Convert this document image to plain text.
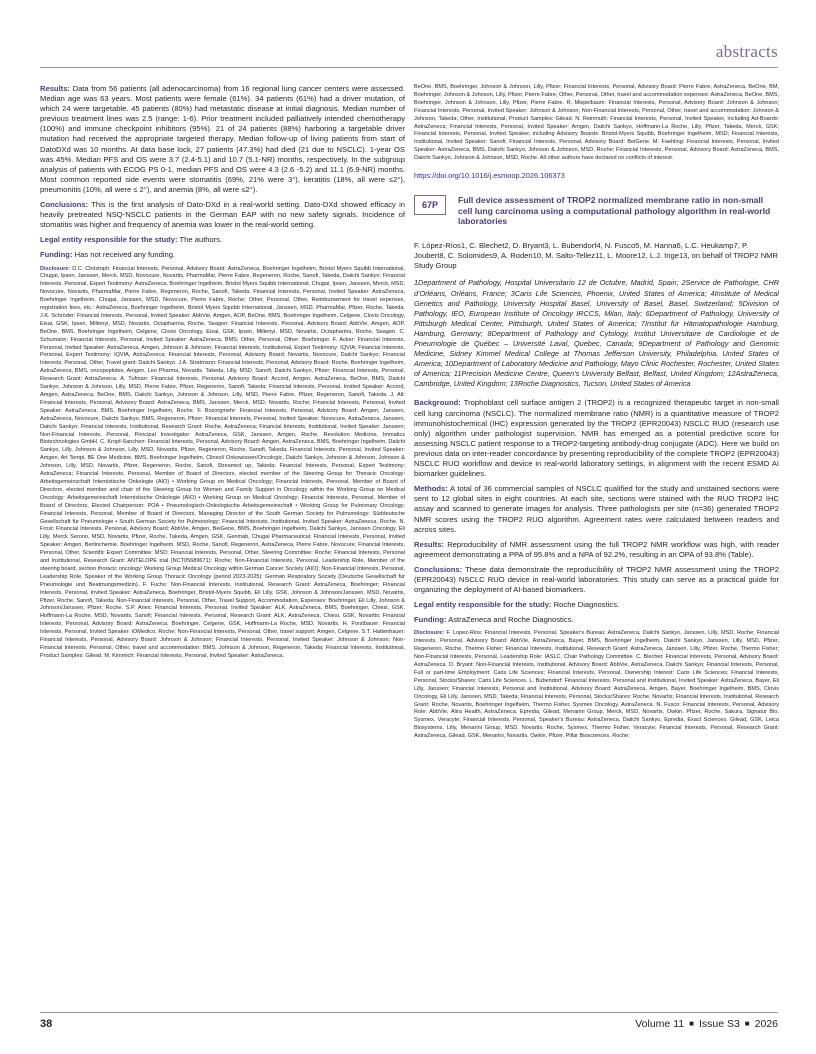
abstracts

Results: Data from 56 patients (all adenocarcinoma) from 16 regional lung cancer centers were assessed. Median age was 63 years. Most patients were female (61%). 34 patients (61%) had a driver mutation, of which 24 were targetable. 45 patients (80%) had metastatic disease at initial diagnosis. Median number of previous treatment lines was 2.5 (range: 1-6). Prior treatment included palliatively intended chemotherapy (100%) and immune checkpoint inhibitors (95%). 21 of 24 patients (88%) harboring a targetable driver mutation had received the appropriate targeted therapy. Median follow-up of living patients from start of DatoDXd was 10 months. At data base lock, 27 patients (47.3%) had died (21 due to NSCLC). 1-year OS was 45%. Median PFS and OS were 3.7 (2.4-5.1) and 10.7 (5.1-NR) months, respectively. In the subgroup analysis of patients with ECOG PS 0-1, median PFS and OS were 4.3 (2.6 -5.2) and 11.1 (6.9-NR) months. Most common reported side events were stomatitis (69%, 21% were 3°), keratitis (18%, all were ≤2°), pneumonitis (10%, all were ≤ 2°), and anemia (8%, all were ≤2°).

Conclusions: This is the first analysis of Dato-DXd in a real-world setting. Dato-DXd showed efficacy in heavily pretreated NSQ-NSCLC patients in the German EAP with no new safety signals. Incidence of stomatitis was higher and frequency of anemia was lower in the real-world setting.

Legal entity responsible for the study: The authors.

Funding: Has not received any funding.

Disclosure: D.C. Christoph: Financial Interests, Personal, Advisory Board: AstraZeneca, Boehringer Ingelheim, Bristol Myers Squibb International, Chugai, Ipsen, Janssen, Merck, MSD, Novocure, Novartis, PharmaMar, Pierre Fabre, Regeneron, Roche, Sanofi, Takeda, Daiichi Sankyo; Financial Interests, Personal, Expert Testimony: AstraZeneca, Boehringer Ingelheim, Bristol Myers Squibb International, Chugai, Ipsen, Janssen, Merck, MSD, Novocure, Novartis, PharmaMar, Pierre Fabre, Regeneron, Roche, Sanofi, Takeda; Financial Interests, Personal, Invited Speaker: AstraZeneca, Boehringer Ingelheim, Chugai, Janssen, MSD, Novocure, Pierre Fabre, Roche; Other, Personal, Other, Reimbursement for travel expenses, registration fees, etc.: AstraZeneca, Boehringer Ingelheim, Bristol Myers Squibb International, Janssen, MSD, PharmaMar, Pfizer, Roche, Takeda. J.K. Schröder: Financial Interests, Personal, Invited Speaker: AbbVie, Amgen, AOP, BeOne, BMS, Boehringer Ingelheim, Celgene, Clovis Oncology, Eisai, GSK, Ipsen, Miltenyi, MSD, Novartis, Octapharma, Roche, Seagen; Financial Interests, Personal, Advisory Board: AbbVie, Amgen, AOP, BeOne, BMS, Boehringer Ingelheim, Celgene, Clovis Oncology, Eisai, GSK, Ipsen, Miltenyi, MSD, Novartis, Octapharma, Roche, Seagen. C. Schumann: Financial Interests, Personal, Invited Speaker: AstraZeneca, BMS; Other, Personal, Other: Boehringer. F. Acker: Financial Interests, Personal, Invited Speaker: AstraZeneca, Amgen, Johnson & Johnson; Financial Interests, Institutional, Expert Testimony: IQVIA; Financial Interests, Personal, Expert Testimony: IQVIA, AstraZeneca; Financial Interests, Personal, Advisory Board: Novartis, Novocure, Daiichi Sankyo; Financial Interests, Personal, Other, Travel grant: Daiichi Sankyo. J.A. Stratmann: Financial Interests, Personal, Advisory Board: Roche, Boehringer Ingelheim, AstraZeneca, BMS, oncopeptides, Amgen, Leo Pharma, Novartis, Takeda, Lilly, MSD, Sanofi, Daiichi Sankyo, Pfizer; Financial Interests, Personal, Research Grant: AstraZeneca. A. Tufman: Financial Interests, Personal, Advisory Board: Accord, Amgen, AstraZeneca, BeOne, BMS, Daiichi Sankyo, Johnson & Johnson, Lilly, MSD, Pierre Fabre, Pfizer, Regeneron, Sanofi, Takeda; Financial Interests, Personal, Invited Speaker: Accord, Amgen, AstraZeneca, BeOne, BMS, Daiichi Sankyo, Johnson & Johnson, Lilly, MSD, Pierre Fabre, Pfizer, Regeneron, Sanofi, Takeda. J. Alt: Financial Interests, Personal, Advisory Board: AstraZeneca, BMS, Janssen, Merck, MSD, Novartis, Roche; Financial Interests, Personal, Invited Speaker: AstraZeneca, BMS, Boehringer Ingelheim, Roche. F. Bozorgmehr: Financial Interests, Personal, Advisory Board: Amgen, Janssen, AstraZeneca, Novocure, Daiichi Sankyo, BMS, Regeneron, Pfizer; Financial Interests, Personal, Invited Speaker: Novocure, AstraZeneca, Janssen, Daiichi Sankyo; Financial Interests, Institutional, Research Grant: Roche, AstraZeneca; Financial Interests, Institutional, Invited Speaker: Janssen; Non-Financial Interests, Personal, Principal Investigator: AstraZeneca, GSK, Janssen, Amgen, Roche, Revolution Medicine, Immatics Biotechnologies GmbH. C. Kropf-Sanchen: Financial Interests, Personal, Advisory Board: Amgen, AstraZeneca, BMS, Boehringer Ingelheim, Daiichi Sankyo, Lilly, Johnson & Johnson, Lilly, MSD, Novartis, Pfizer, Regeneron, Roche, Sanofi, Takeda; Financial Interests, Personal, Invited Speaker: Amgen, Art Tempi, BE One Medicine, BMS, Boehringer Ingelheim, Clinsol/ Onkowissen/Oncologic, Daiichi Sankyo, Johnson & Johnson, Johnson & Johnson, Lilly, MSD, Novartis, Pfizer, Regeneron, Roche, Sanofi, Streamed up, Takeda; Financial Interests, Personal, Expert Testimony: AstraZeneca; Financial Interests, Personal, Member of Board of Directors, elected member of the Steering Group for Thoracic Oncology: Arbeitsgemeinschaft Internistische Onkologie (AIO) • Working Group on Medical Oncology; Financial Interests, Personal, Member of Board of Directors, elected member and chair of the Steering Group for Women and Family Support in Oncology within the Working Group on Medical Oncology: Arbeitsgemeinschaft Internistische Onkologie (AIO) • Working Group on Medical Oncology; Financial Interests, Personal, Member of Board of Directors, Elected Chairperson: POA • Pneumologisch-Onkologische Arbeitsgemeinschaft • Working Group for Pulmonary Oncology; Financial Interests, Personal, Member of Board of Directors, Managing Director of the South German Society for Pulmonology: Süddeutsche Gesellschaft für Pneumologie • South German Society for Pulmonology; Financial Interests, Institutional, Invited Speaker: AstraZeneca, Roche. N. Frost: Financial Interests, Personal, Advisory Board: AbbVie, Amgen, BeiGene, BMS, Boehringer Ingelheim, Daiichi Sankyo, Janssen Oncology, Eli Lilly, Merck Serono, MSD, Novartis, Pfizer, Roche, Takeda, Amgen, GSK, Genmab, Chugai Pharmaceutical; Financial Interests, Personal, Invited Speaker: Amgen, Berlinchemie, Boehringer Ingelheim, MSD, Roche, Sanofi, Regeneron, AstraZeneca, Pierre Fabre, Novocure; Financial Interests, Personal, Other, Scientific Expert Committee: MSD; Financial Interests, Personal, Other, Steering Committee: Roche; Financial Interests, Personal and Institutional, Research Grant: ANTELOPE trial (NCT05689671): Roche; Non-Financial Interests, Personal, Leadership Role, Member of the steering board, section thoracic oncology: Working Group Medical Oncology within German Cancer Society (AIO); Non-Financial Interests, Personal, Leadership Role, Speaker of the Working Group Thoracic Oncology (period 2023-2025): German Respiratory Society (Deutsche Gesellschaft für Pneumologie und Beatmungsmedizin). F. Fuchs: Non-Financial Interests, Institutional, Research Grant: AstraZeneca, Boehringer; Financial Interests, Personal, Invited Speaker: AstraZeneca, Boehringer, Bristol-Myers Squibb, Eli Lilly, GSK, Johnson & Johnson/Janssen, MSD, Novartis, Pfizer, Roche, Sanofi, Takeda; Non-Financial Interests, Personal, Other, Travel Support, Accommodation, Expenses: Boehringer, Eli Lilly, Johnson & Johnson/Janssen, Pfizer, Roche. S.P. Aries: Financial Interests, Personal, Invited Speaker: ALK, AstraZeneca, BMS, Boehringer, Chiesi, GSK, Hoffmann-La Roche, MSD, Novartis, Sanofi; Financial Interests, Personal, Research Grant: ALK, AstraZeneca, Chiesi, GSK, Novartis; Financial Interests, Personal, Advisory Board: AstraZeneca, Boehringer, Celgene, GSK, Hoffmann-La Roche, MSD, Novartis. H. Forstbauer: Financial Interests, Personal, Invited Speaker: iOMedico, Roche; Non-Financial Interests, Personal, Other, travel support: Amgen, Celgene. S.T. Hattenhauer: Financial Interests, Personal, Advisory Board: Johnson & Johnson; Financial Interests, Personal, Invited Speaker: Johnson & Johnson; Non-Financial Interests, Personal, Other, travel and accommodation: BMS, Johnson & Johnson, Regeneron, Takeda; Financial Interests, Institutional, Product Samples: Gilead. M. Kimmich: Financial Interests, Personal, Invited Speaker: AstraZeneca,

BeOne, BMS, Boehringer, Johnson & Johnson, Lilly, Pfizer; Financial Interests, Personal, Advisory Board: Pierre Fabre, AstraZeneca, BeOne, BM, Boehringer, Johnson & Johnson, Lilly, Pfizer, Pierre Fabre; Other, Personal, Other, travel and accommodation expenses: AstraZeneca, BeOne, BMS, Boehringer, Johnson & Johnson, Lilly, Pfizer, Pierre Fabre. R. Mispelbaum: Financial Interests, Personal, Advisory Board: Johnson & Johnson; Financial Interests, Personal, Invited Speaker: Johnson & Johnson; Non-Financial Interests, Personal, Other, travel and accommodation: Johnson & Johnson, Takeda; Other, Institutional, Product Samples: Gilead. N. Reinmuth: Financial Interests, Personal, Invited Speaker, including Ad-Boards: AstraZeneca; Financial Interests, Personal, Invited Speaker: Amgen, Daiichi Sankyo, Hoffmann-La Roche, Lilly, Pfizer, Takeda, Merck, GSK; Financial Interests, Personal, Invited Speaker, including Advisory Boards: Bristol-Myers Squibb, Boehringer Ingelheim, MSD; Financial Interests, Institutional, Invited Speaker: Sanofi; Financial Interests, Personal, Advisory Board: BeiGene. M. Faehling: Financial Interests, Personal, Invited Speaker: AstraZeneca, BMS, Daiichi Sankyo, Johnson & Johnson, MSD, Roche; Financial Interests, Personal, Advisory Board: AstraZeneca, BMS, Daiichi Sankyo, Johnson & Johnson, MSD, Roche. All other authors have declared no conflicts of interest.

https://doi.org/10.1016/j.esmoop.2026.106373
67P	Full device assessment of TROP2 normalized membrane ratio in non-small cell lung carcinoma using a computational pathology algorithm in real-world laboratories

F. López-Ríos1, C. Blechet2, D. Bryant3, L. Bubendorf4, N. Fusco5, M. Hanna6, L.C. Heukamp7, P. Joubert8, C. Solomides9, A. Roden10, M. Salto-Tellez11, L. Moore12, L.J. Inge13, on behalf of TROP2 NMR Study Group

1Department of Pathology, Hospital Universitario 12 de Octubre, Madrid, Spain; 2Service de Pathologie, CHR d'Orléans, Orléans, France; 3Caris Life Sciences, Phoenix, United States of America; 4Institute of Medical Genetics and Pathology, University Hospital Basel, University of Basel, Basel, Switzerland; 5Division of Pathology, IEO, European Institute of Oncology IRCCS, Milan, Italy; 6Department of Pathology, University of Pittsburgh Medical Center, Pittsburgh, United States of America; 7Institut für Hämatopathologie Hamburg, Hamburg, Germany; 8Department of Pathology and Cytology, Institut Universitaire de Cardiologie et de Pneumologie de Québec – Université Laval, Quebec, Canada; 9Department of Pathology and Genomic Medicine, Sidney Kimmel Medical College at Thomas Jefferson University, Philadelphia, United States of America; 10Department of Laboratory Medicine and Pathology, Mayo Clinic Rochester, Rochester, United States of America; 11Precision Medicine Centre, Queen's University Belfast, Belfast, United Kingdom; 12AstraZeneca, Cambridge, United Kingdom; 13Roche Diagnostics, Tucson, United States of America

Background: Trophoblast cell surface antigen 2 (TROP2) is a recognized therapeutic target in non-small cell lung carcinoma (NSCLC). The normalized membrane ratio (NMR) is a quantitative measure of TROP2 immunohistochemical (IHC) expression generated by the TROP2 (EPR20043) NSCLC RUO (research use only) algorithm under pathologist supervision. NMR has emerged as a potential predictive score for assessing NSCLC patient response to a TROP2-targeting antibody-drug conjugate (ADC). Here we build on previous data on inter-reader concordance by presenting reproducibility of the complete TROP2 (EPR20043) NSCLC RUO workflow and device in real-world laboratory settings, in alignment with the recent ESMO AI biomarker guidelines.

Methods: A total of 36 commercial samples of NSCLC qualified for the study and unstained sections were sent to 12 global sites in eight countries. At each site, sections were stained with the RUO TROP2 IHC assay and scanned to generate images for analysis. Three pathologists per site (n=36) generated TROP2 NMR scores using the TROP2 RUO algorithm. Agreement rates were calculated between readers and across sites.

Results: Reproducibility of NMR assessment using the full TROP2 NMR workflow was high, with reader agreement demonstrating a PPA of 95.8% and a NPA of 92.2%, resulting in an OPA of 93.8% (Table).

Conclusions: These data demonstrate the reproducibility of TROP2 NMR assessment using the TROP2 (EPR20043) NSCLC RUO device in real-world laboratories. This study can serve as a practical guide for organizing the deployment of AI-based biomarkers.

Legal entity responsible for the study: Roche Diagnostics.

Funding: AstraZeneca and Roche Diagnostics.

Disclosure: F. Lopez-Rios: Financial Interests, Personal, Speaker's Bureau: AstraZeneca, Daiichi Sankyo, Janssen, Lilly, MSD, Roche; Financial Interests, Personal, Advisory Board: AbbVie, AstraZeneca, Bayer, BMS, Boehringer Ingelheim, Daiichi Sankyo, Janssen, Lilly, MSD, Pfizer, Regeneron, Roche, Thermo Fisher; Financial Interests, Institutional, Research Grant: AstraZeneca, Janssen, Lilly, Pfizer, Roche, Thermo Fisher; Non-Financial Interests, Personal, Leadership Role: IASLC, Chair Pathology Committee. C. Blechet: Financial Interests, Personal, Advisory Board: AstraZeneca. D. Bryant: Non-Financial Interests, Institutional, Advisory Board: AbbVie, AstraZeneca, Daiichi Sankyo; Financial Interests, Personal, Full or part-time Employment: Caris Life Sciences; Financial Interests, Personal, Ownership Interest: Caris Life Sciences; Financial Interests, Personal, Stocks/Shares: Caris Life Sciences. L. Bubendorf: Financial Interests, Personal and Institutional, Invited Speaker: AstraZeneca, Bayer, Eli Lilly, Janssen; Financial Interests, Personal and Institutional, Advisory Board: AstraZeneca, Amgen, Bayer, Boehringer Ingelheim, BMS, Clovis Oncology, Eli Lilly, Janssen, MSD, Takeda; Financial Interests, Personal, Stocks/Shares: Roche, Novartis; Financial Interests, Institutional, Research Grant: Roche, Novartis, Boehringer Ingelheim, Thermo Fisher, Sysmex Oncology, AstraZeneca. N. Fusco: Financial Interests, Personal, Advisory Role: AbbVie, Alira Health, AstraZeneca, Epredia, Gilead, Menarini Group, Merck, MSD, Novartis, Owkin, Pfizer, Roche, Sakura, Signatur Bio, Sysmex, Veracyte; Financial Interests, Personal, Speaker's Bureau: AstraZeneca, Daiichi Sankyo, Epredia, Exact Sciences, Gilead, GSK, Leica Biosystems, Lilly, Menarini Group, MSD, Novartis, Roche, Sysmex, Thermo Fisher, Veracyte; Financial Interests, Personal, Research Grant: AstraZeneca, Gilead, GSK, Menarini, Novartis, Owkin, Pfizer, Pillar Biosciences, Roche;

38	Volume 11 ■ Issue S3 ■ 2026
